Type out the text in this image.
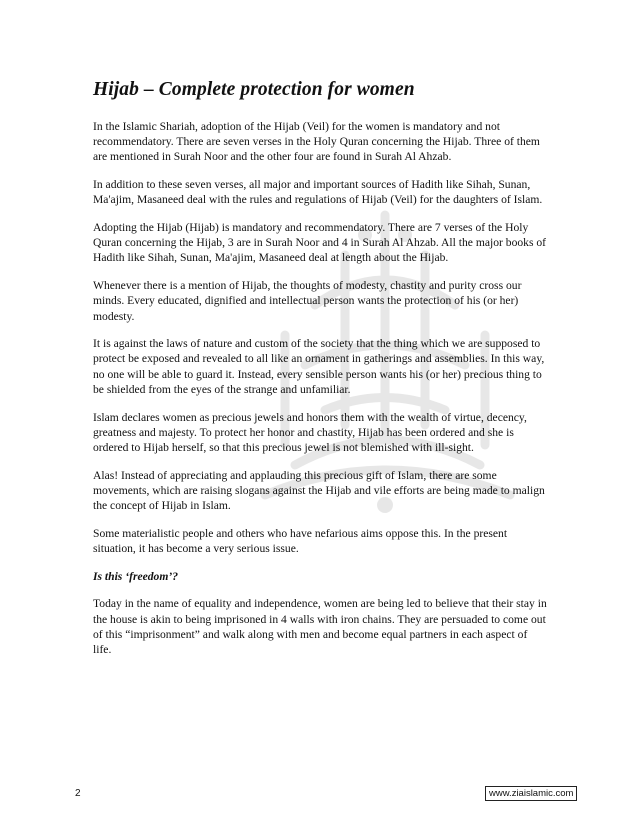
Hijab – Complete protection for women

In the Islamic Shariah, adoption of the Hijab (Veil) for the women is mandatory and not recommendatory. There are seven verses in the Holy Quran concerning the Hijab. Three of them are mentioned in Surah Noor and the other four are found in Surah Al Ahzab.

In addition to these seven verses, all major and important sources of Hadith like Sihah, Sunan, Ma'ajim, Masaneed deal with the rules and regulations of Hijab (Veil) for the daughters of Islam.

Adopting the Hijab (Hijab) is mandatory and recommendatory. There are 7 verses of the Holy Quran concerning the Hijab, 3 are in Surah Noor and 4 in Surah Al Ahzab. All the major books of Hadith like Sihah, Sunan, Ma'ajim, Masaneed deal at length about the Hijab.

Whenever there is a mention of Hijab, the thoughts of modesty, chastity and purity cross our minds. Every educated, dignified and intellectual person wants the protection of his (or her) modesty.

It is against the laws of nature and custom of the society that the thing which we are supposed to protect be exposed and revealed to all like an ornament in gatherings and assemblies. In this way, no one will be able to guard it. Instead, every sensible person wants his (or her) precious thing to be shielded from the eyes of the strange and unfamiliar.

Islam declares women as precious jewels and honors them with the wealth of virtue, decency, greatness and majesty. To protect her honor and chastity, Hijab has been ordered and she is ordered to Hijab herself, so that this precious jewel is not blemished with ill-sight.

Alas! Instead of appreciating and applauding this precious gift of Islam, there are some movements, which are raising slogans against the Hijab and vile efforts are being made to malign the concept of Hijab in Islam.

Some materialistic people and others who have nefarious aims oppose this. In the present situation, it has become a very serious issue.

Is this ‘freedom’?

Today in the name of equality and independence, women are being led to believe that their stay in the house is akin to being imprisoned in 4 walls with iron chains. They are persuaded to come out of this “imprisonment” and walk along with men and become equal partners in each aspect of life.

2	www.ziaislamic.com
